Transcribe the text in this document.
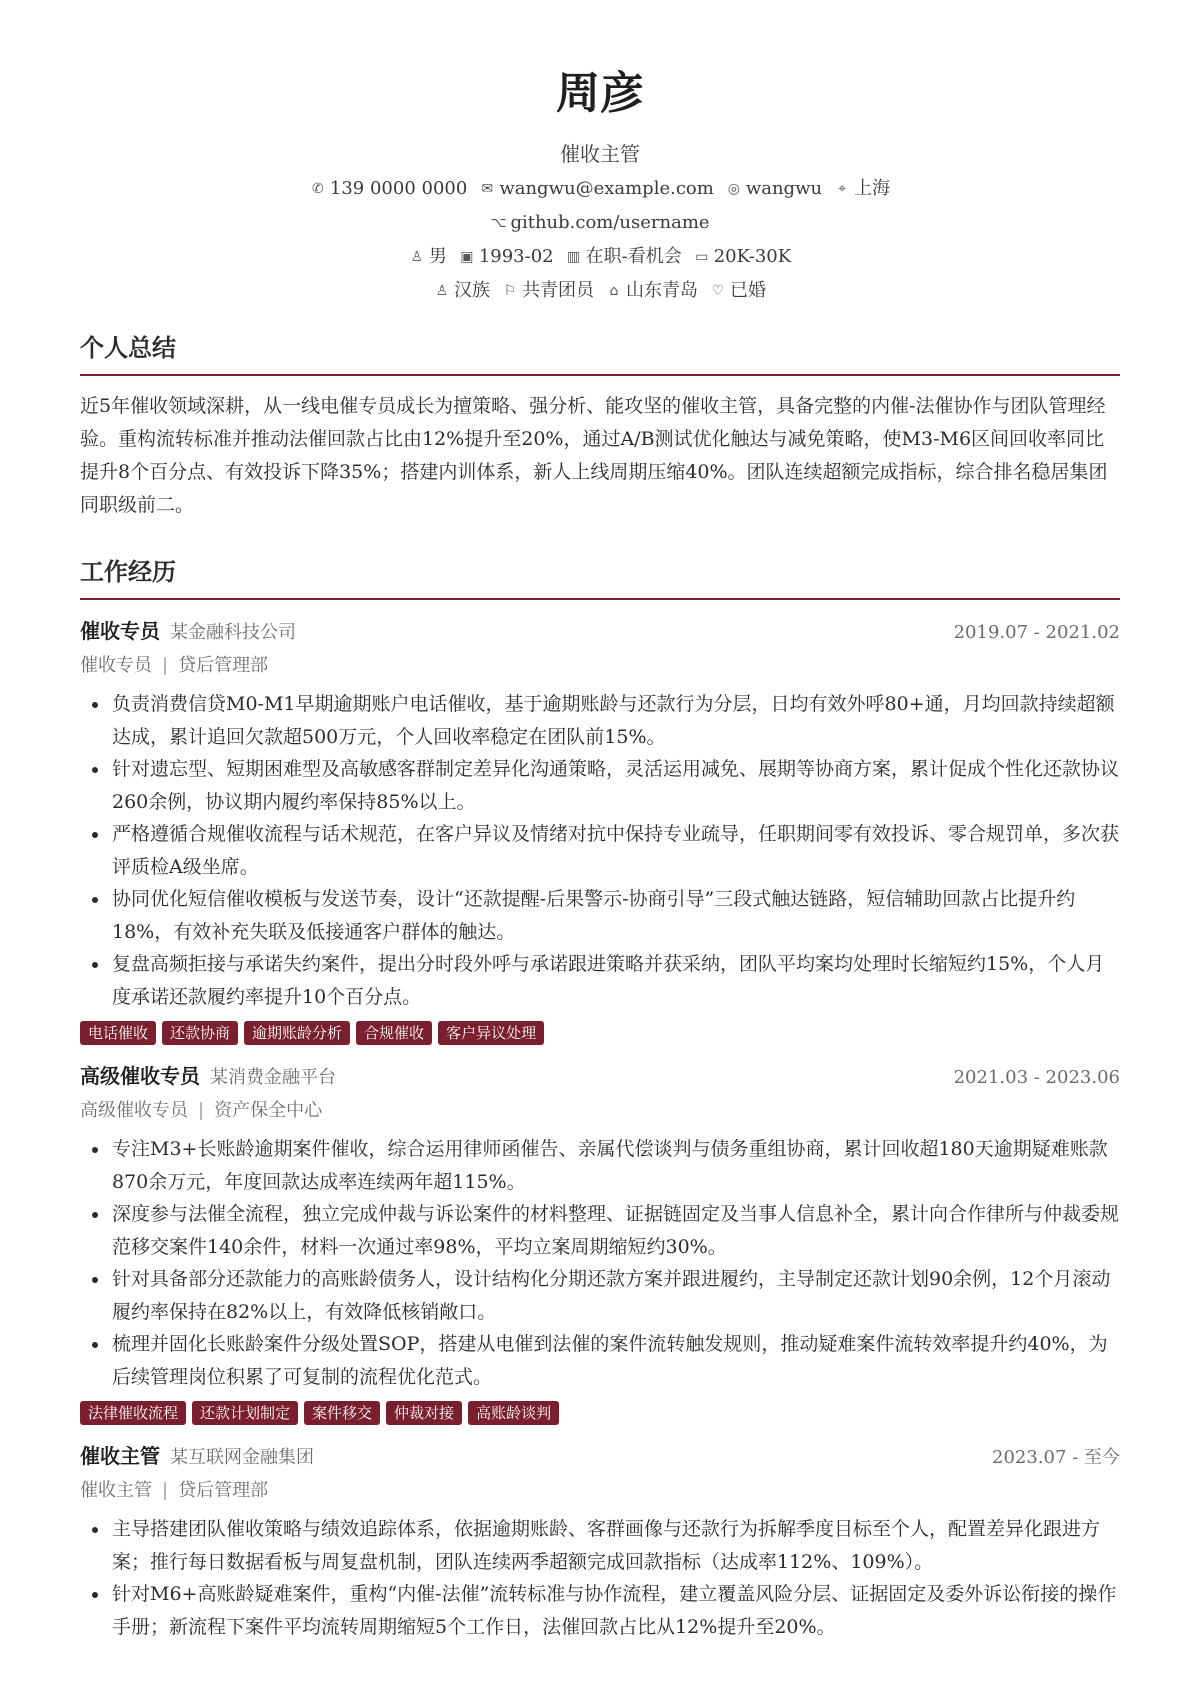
周彦
催收主管
✆ 139 0000 0000 ✉ wangwu@example.com ◎ wangwu ⌖ 上海
⌥ github.com/username
♙ 男 ▣ 1993-02 ▥ 在职-看机会 ▭ 20K-30K
♙ 汉族 ⚐ 共青团员 ⌂ 山东青岛 ♡ 已婚
个人总结
近5年催收领域深耕，从一线电催专员成长为擅策略、强分析、能攻坚的催收主管，具备完整的内催-法催协作与团队管理经验。重构流转标准并推动法催回款占比由12%提升至20%，通过A/B测试优化触达与减免策略，使M3-M6区间回收率同比提升8个百分点、有效投诉下降35%；搭建内训体系，新人上线周期压缩40%。团队连续超额完成指标，综合排名稳居集团同职级前二。
工作经历
催收专员 某金融科技公司	2019.07 - 2021.02
催收专员 | 贷后管理部
• 负责消费信贷M0-M1早期逾期账户电话催收，基于逾期账龄与还款行为分层，日均有效外呼80+通，月均回款持续超额达成，累计追回欠款超500万元，个人回收率稳定在团队前15%。
• 针对遗忘型、短期困难型及高敏感客群制定差异化沟通策略，灵活运用减免、展期等协商方案，累计促成个性化还款协议260余例，协议期内履约率保持85%以上。
• 严格遵循合规催收流程与话术规范，在客户异议及情绪对抗中保持专业疏导，任职期间零有效投诉、零合规罚单，多次获评质检A级坐席。
• 协同优化短信催收模板与发送节奏，设计“还款提醒-后果警示-协商引导”三段式触达链路，短信辅助回款占比提升约18%，有效补充失联及低接通客户群体的触达。
• 复盘高频拒接与承诺失约案件，提出分时段外呼与承诺跟进策略并获采纳，团队平均案均处理时长缩短约15%，个人月度承诺还款履约率提升10个百分点。
电话催收	还款协商	逾期账龄分析	合规催收	客户异议处理
高级催收专员 某消费金融平台	2021.03 - 2023.06
高级催收专员 | 资产保全中心
• 专注M3+长账龄逾期案件催收，综合运用律师函催告、亲属代偿谈判与债务重组协商，累计回收超180天逾期疑难账款870余万元，年度回款达成率连续两年超115%。
• 深度参与法催全流程，独立完成仲裁与诉讼案件的材料整理、证据链固定及当事人信息补全，累计向合作律所与仲裁委规范移交案件140余件，材料一次通过率98%，平均立案周期缩短约30%。
• 针对具备部分还款能力的高账龄债务人，设计结构化分期还款方案并跟进履约，主导制定还款计划90余例，12个月滚动履约率保持在82%以上，有效降低核销敞口。
• 梳理并固化长账龄案件分级处置SOP，搭建从电催到法催的案件流转触发规则，推动疑难案件流转效率提升约40%，为后续管理岗位积累了可复制的流程优化范式。
法律催收流程	还款计划制定	案件移交	仲裁对接	高账龄谈判
催收主管 某互联网金融集团	2023.07 - 至今
催收主管 | 贷后管理部
• 主导搭建团队催收策略与绩效追踪体系，依据逾期账龄、客群画像与还款行为拆解季度目标至个人，配置差异化跟进方案；推行每日数据看板与周复盘机制，团队连续两季超额完成回款指标（达成率112%、109%）。
• 针对M6+高账龄疑难案件，重构“内催-法催”流转标准与协作流程，建立覆盖风险分层、证据固定及委外诉讼衔接的操作手册；新流程下案件平均流转周期缩短5个工作日，法催回款占比从12%提升至20%。
